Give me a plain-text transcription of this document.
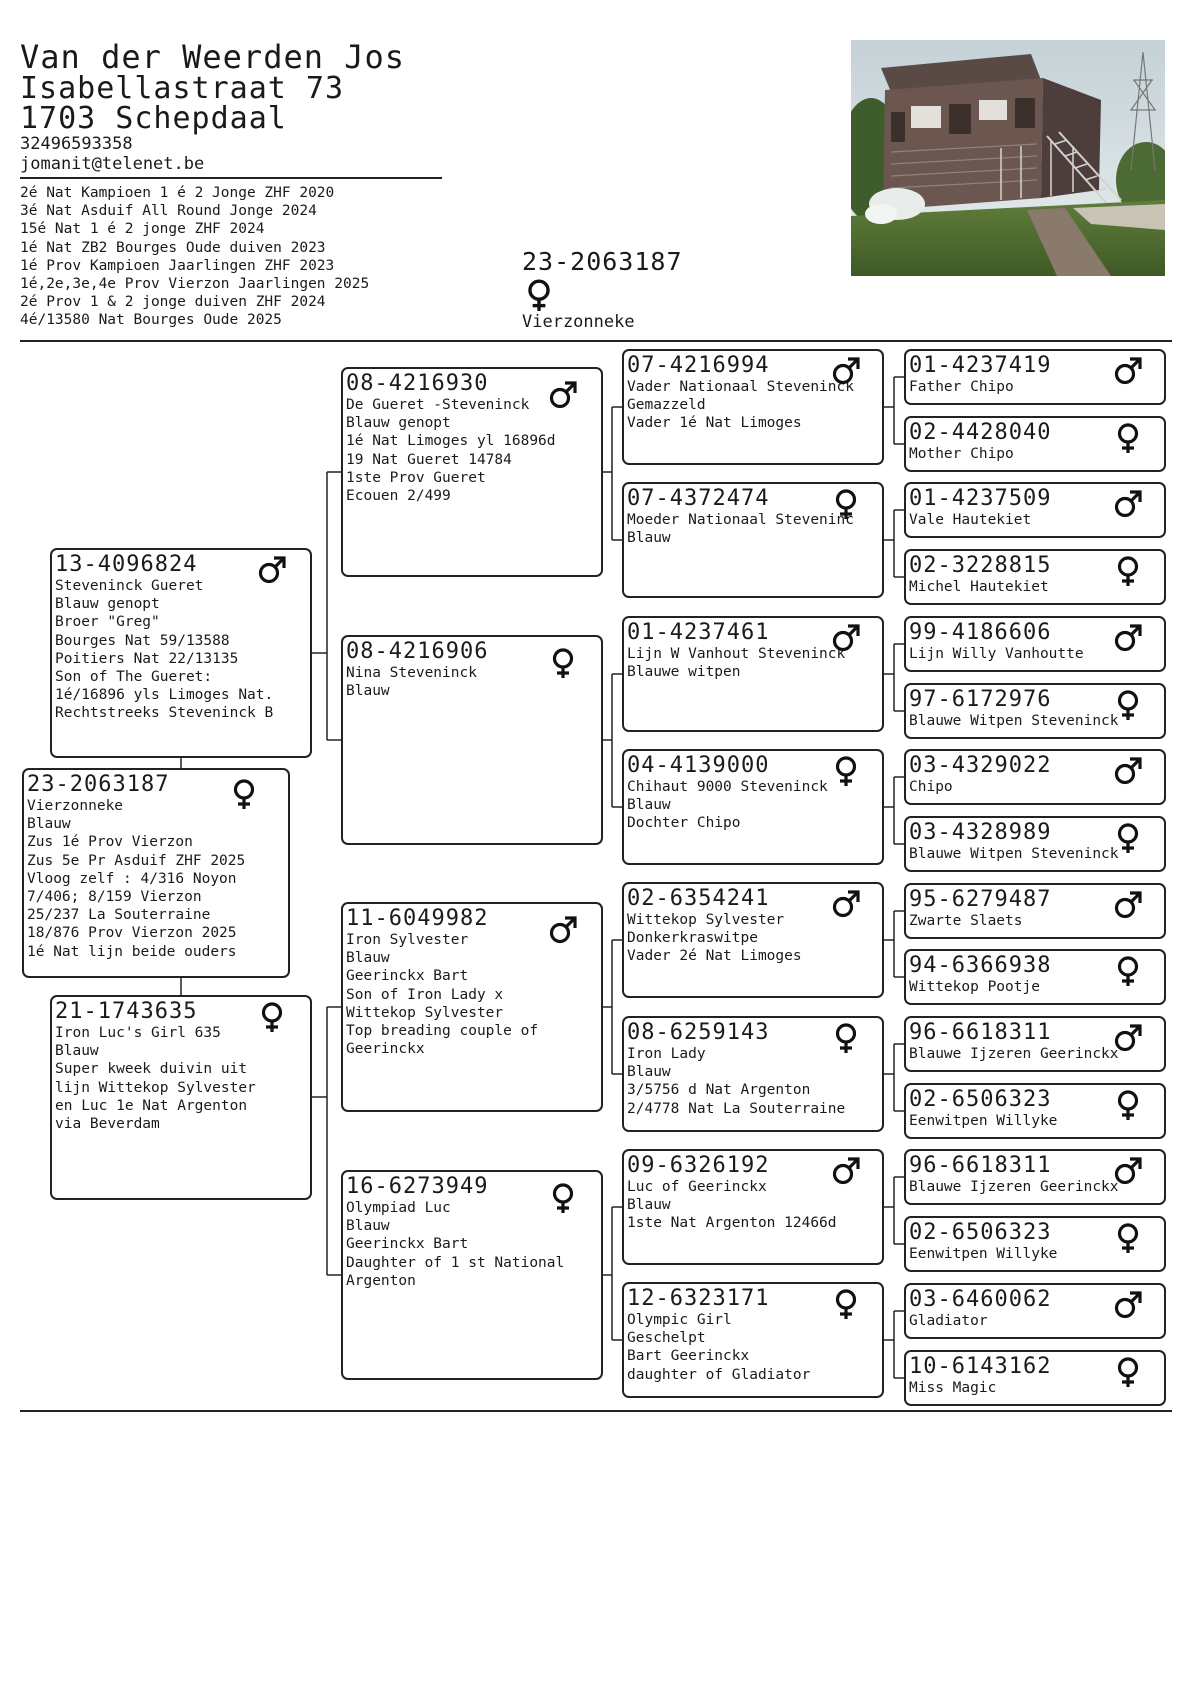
Van der Weerden Jos
Isabellastraat 73
1703 Schepdaal
32496593358
jomanit@telenet.be
2é Nat Kampioen 1 é 2 Jonge ZHF 2020
3é Nat Asduif All Round Jonge 2024
15é Nat 1 é 2 jonge ZHF 2024
1é Nat ZB2 Bourges Oude duiven 2023
1é Prov Kampioen Jaarlingen ZHF 2023
1é,2e,3e,4e Prov Vierzon Jaarlingen 2025
2é Prov 1 & 2 jonge duiven ZHF 2024
4é/13580 Nat Bourges Oude 2025
23-2063187
Vierzonneke
13-4096824
Steveninck Gueret
Blauw genopt
Broer "Greg"
Bourges Nat 59/13588
Poitiers Nat 22/13135
Son of The Gueret:
1é/16896 yls Limoges Nat.
Rechtstreeks Steveninck B
23-2063187
Vierzonneke
Blauw
Zus 1é Prov Vierzon
Zus 5e Pr Asduif ZHF 2025
Vloog zelf : 4/316 Noyon
7/406; 8/159 Vierzon
25/237 La Souterraine
18/876 Prov Vierzon 2025
1é Nat lijn beide ouders
21-1743635
Iron Luc's Girl 635
Blauw
Super kweek duivin uit
lijn Wittekop Sylvester
en Luc 1e Nat Argenton
via Beverdam
08-4216930
De Gueret -Steveninck
Blauw genopt
1é Nat Limoges yl 16896d
19 Nat Gueret 14784
1ste Prov Gueret
Ecouen 2/499
08-4216906
Nina Steveninck
Blauw
11-6049982
Iron Sylvester
Blauw
Geerinckx Bart
Son of Iron Lady x
Wittekop Sylvester
Top breading couple of
Geerinckx
16-6273949
Olympiad Luc
Blauw
Geerinckx Bart
Daughter of 1 st National
Argenton
07-4216994
Vader Nationaal Steveninck
Gemazzeld
Vader 1é Nat Limoges
07-4372474
Moeder Nationaal Steveninc
Blauw
01-4237461
Lijn W Vanhout Steveninck
Blauwe witpen
04-4139000
Chihaut 9000 Steveninck
Blauw
Dochter Chipo
02-6354241
Wittekop Sylvester
Donkerkraswitpe
Vader 2é Nat Limoges
08-6259143
Iron Lady
Blauw
3/5756 d Nat Argenton
2/4778 Nat La Souterraine
09-6326192
Luc of Geerinckx
Blauw
1ste Nat Argenton 12466d
12-6323171
Olympic Girl
Geschelpt
Bart Geerinckx
daughter of Gladiator
01-4237419
Father Chipo
02-4428040
Mother Chipo
01-4237509
Vale Hautekiet
02-3228815
Michel Hautekiet
99-4186606
Lijn Willy Vanhoutte
97-6172976
Blauwe Witpen Steveninck
03-4329022
Chipo
03-4328989
Blauwe Witpen Steveninck
95-6279487
Zwarte Slaets
94-6366938
Wittekop Pootje
96-6618311
Blauwe Ijzeren Geerinckx
02-6506323
Eenwitpen Willyke
96-6618311
Blauwe Ijzeren Geerinckx
02-6506323
Eenwitpen Willyke
03-6460062
Gladiator
10-6143162
Miss Magic
